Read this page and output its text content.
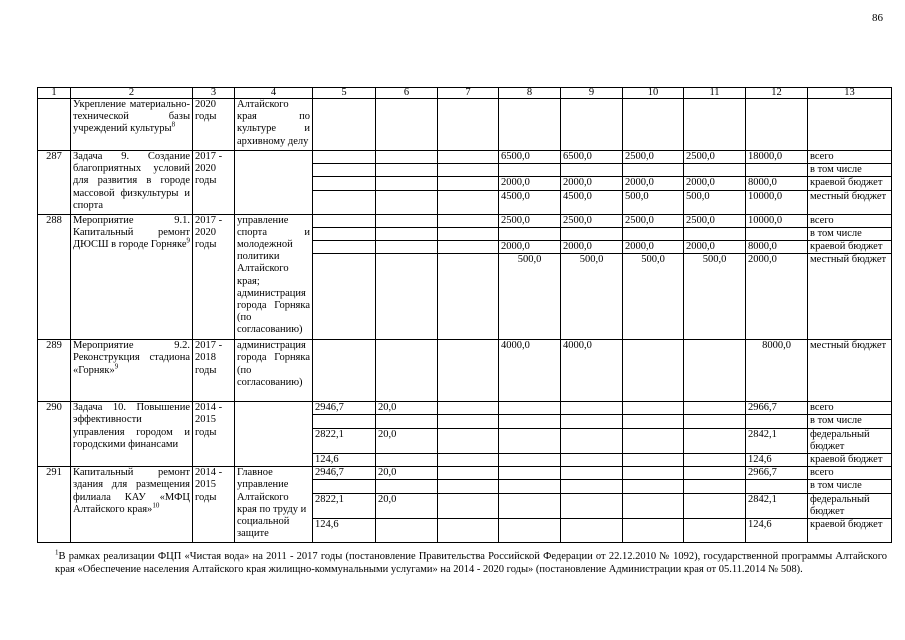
86
1	2	3	4	5	6	7	8	9	10	11	12	13
	Укрепление материально-технической базы учреждений культуры$^8$	2020 годы	Алтайского края по культуре и архивному делу									
287	Задача 9. Создание благоприятных условий для развития в городе массовой физкультуры и спорта	2017 - 2020 годы					6500,0	6500,0	2500,0	2500,0	18000,0	всего
												в том числе
							2000,0	2000,0	2000,0	2000,0	8000,0	краевой бюджет
							4500,0	4500,0	500,0	500,0	10000,0	местный бюджет
288	Мероприятие 9.1. Капитальный ремонт ДЮСШ в городе Горняке$^9$	2017 - 2020 годы	управление спорта и молодежной политики Алтайского края; администрация города Горняка (по согласованию)				2500,0	2500,0	2500,0	2500,0	10000,0	всего
												в том числе
							2000,0	2000,0	2000,0	2000,0	8000,0	краевой бюджет
							500,0	500,0	500,0	500,0	2000,0	местный бюджет
289	Мероприятие 9.2. Реконструкция стадиона «Горняк»$^9$	2017 - 2018 годы	администрация города Горняка (по согласованию)				4000,0	4000,0			8000,0	местный бюджет
290	Задача 10. Повышение эффективности управления городом и городскими финансами	2014 - 2015 годы		2946,7	20,0						2966,7	всего
												в том числе
				2822,1	20,0						2842,1	федеральный бюджет
				124,6							124,6	краевой бюджет
291	Капитальный ремонт здания для размещения филиала КАУ «МФЦ Алтайского края»$^{10}$	2014 - 2015 годы	Главное управление Алтайского края по труду и социальной защите	2946,7	20,0						2966,7	всего
												в том числе
				2822,1	20,0						2842,1	федеральный бюджет
				124,6							124,6	краевой бюджет
$^1$В рамках реализации ФЦП «Чистая вода» на 2011 - 2017 годы (постановление Правительства Российской Федерации от 22.12.2010 № 1092), государственной программы Алтайского края «Обеспечение населения Алтайского края жилищно-коммунальными услугами» на 2014 - 2020 годы» (постановление Администрации края от 05.11.2014 № 508).
